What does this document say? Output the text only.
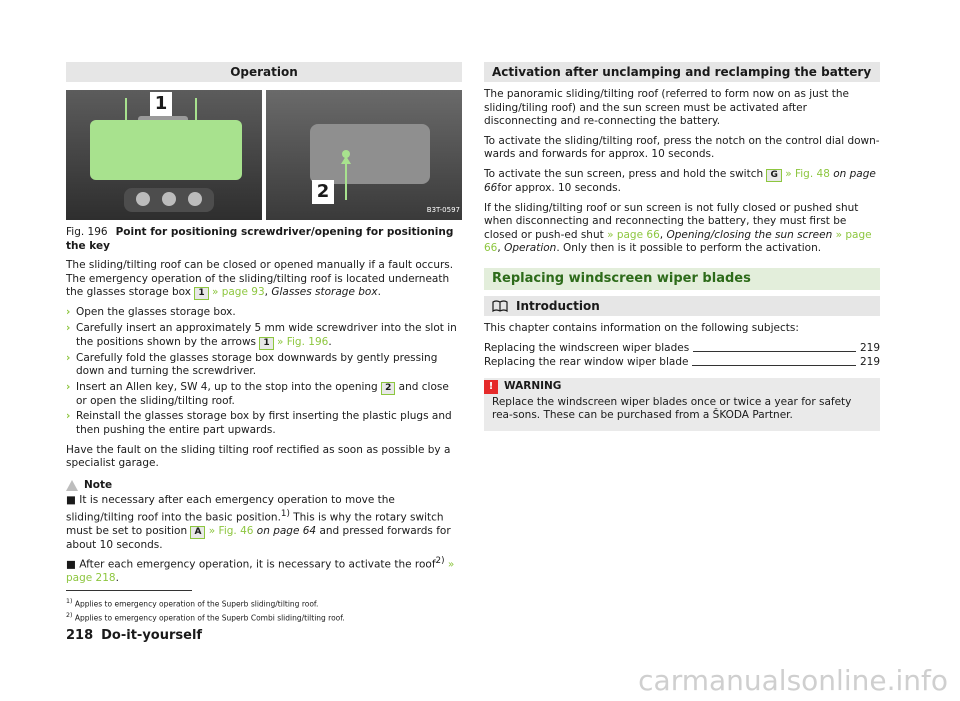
Operation
1
2
B3T-0597
Fig. 196 Point for positioning screwdriver/opening for positioning the key

The sliding/tilting roof can be closed or opened manually if a fault occurs. The emergency operation of the sliding/tilting roof is located underneath the glasses storage box 1 » page 93, Glasses storage box.

› Open the glasses storage box.
› Carefully insert an approximately 5 mm wide screwdriver into the slot in the positions shown by the arrows 1 » Fig. 196.
› Carefully fold the glasses storage box downwards by gently pressing down and turning the screwdriver.
› Insert an Allen key, SW 4, up to the stop into the opening 2 and close or open the sliding/tilting roof.
› Reinstall the glasses storage box by first inserting the plastic plugs and then pushing the entire part upwards.

Have the fault on the sliding tilting roof rectified as soon as possible by a specialist garage.

Note
■ It is necessary after each emergency operation to move the sliding/tilting roof into the basic position.$^{1)}$ This is why the rotary switch must be set to position A » Fig. 46 on page 64 and pressed forwards for about 10 seconds.
■ After each emergency operation, it is necessary to activate the roof$^{2)}$ » page 218.
Activation after unclamping and reclamping the battery

The panoramic sliding/tilting roof (referred to form now on as just the sliding/tiling roof) and the sun screen must be activated after disconnecting and re-connecting the battery.

To activate the sliding/tilting roof, press the notch on the control dial down-wards and forwards for approx. 10 seconds.

To activate the sun screen, press and hold the switch G » Fig. 48 on page 66for approx. 10 seconds.

If the sliding/tilting roof or sun screen is not fully closed or pushed shut when disconnecting and reconnecting the battery, they must first be closed or push-ed shut » page 66, Opening/closing the sun screen » page 66, Operation. Only then is it possible to perform the activation.

Replacing windscreen wiper blades
Introduction

This chapter contains information on the following subjects:

Replacing the windscreen wiper blades	219
Replacing the rear window wiper blade	219
!	WARNING
Replace the windscreen wiper blades once or twice a year for safety rea-sons. These can be purchased from a ŠKODA Partner.
$^{1)}$ Applies to emergency operation of the Superb sliding/tilting roof.
$^{2)}$ Applies to emergency operation of the Superb Combi sliding/tilting roof.
218 Do-it-yourself
carmanualsonline.info
